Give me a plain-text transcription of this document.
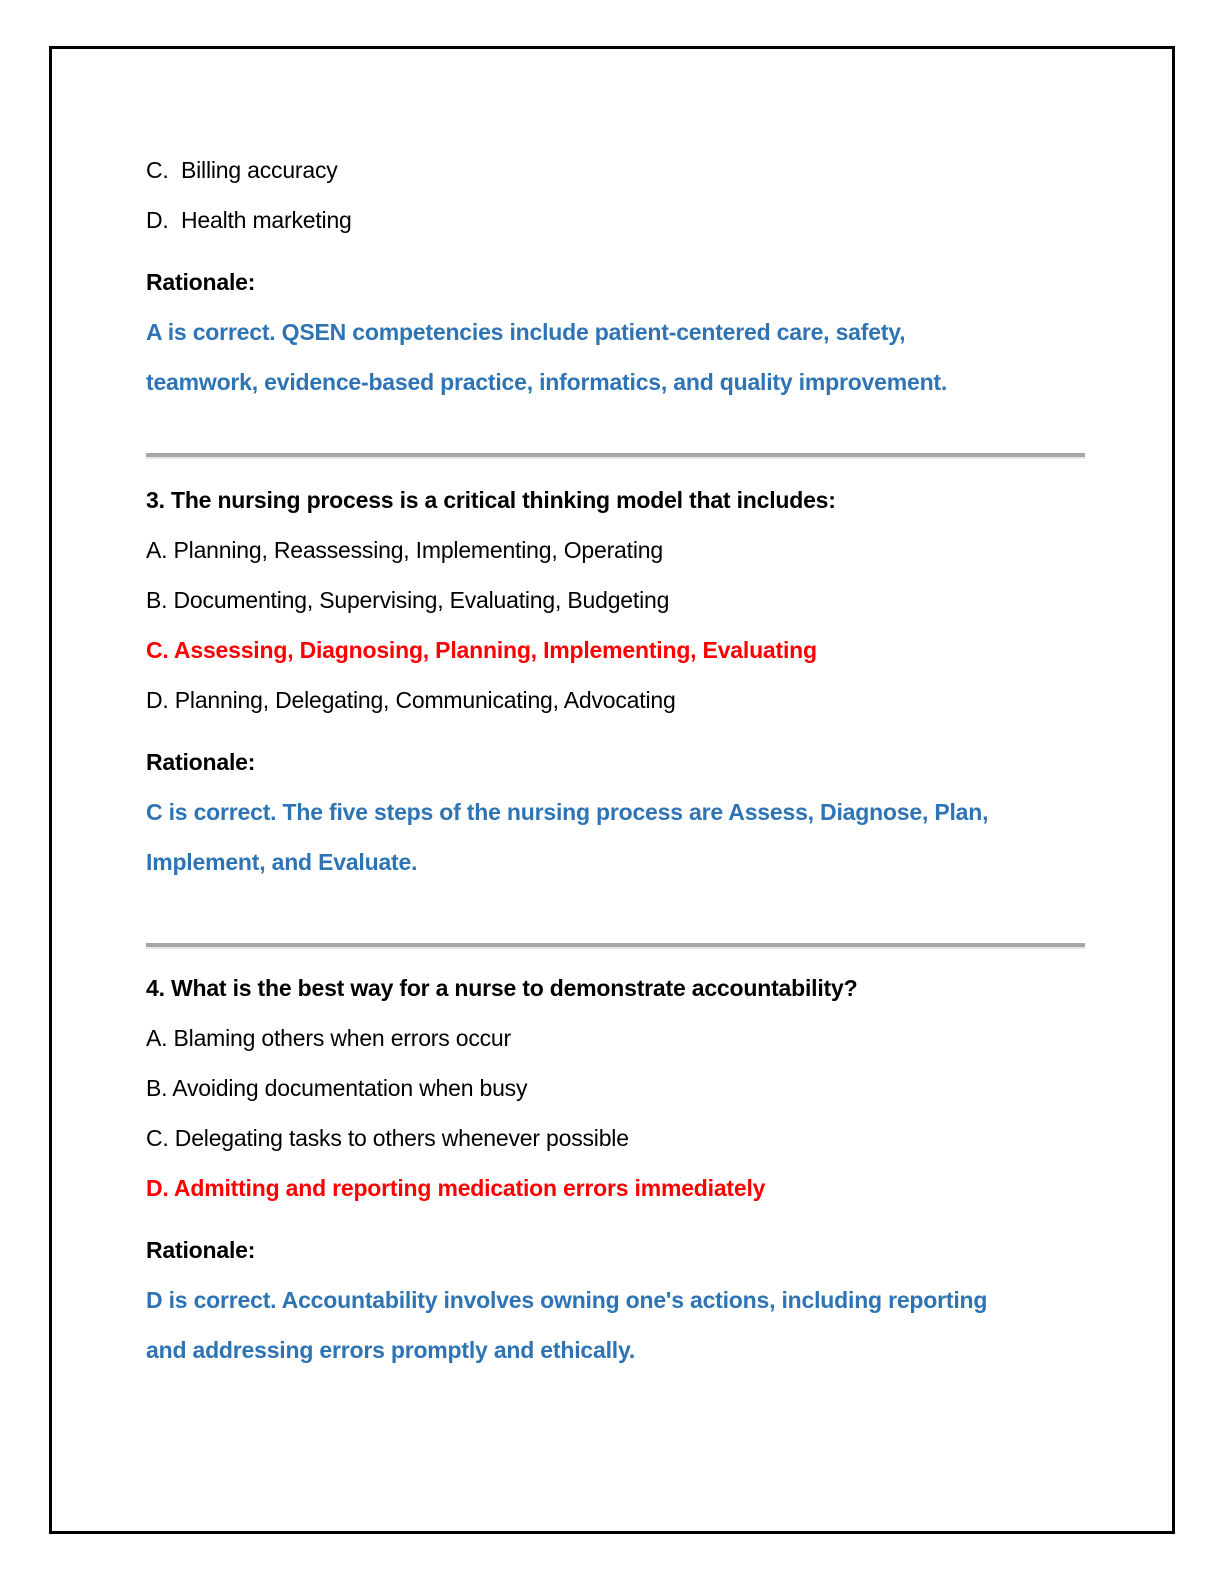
C.  Billing accuracy

D.  Health marketing

Rationale:

A is correct. QSEN competencies include patient-centered care, safety,

teamwork, evidence-based practice, informatics, and quality improvement.

3. The nursing process is a critical thinking model that includes:

A. Planning, Reassessing, Implementing, Operating

B. Documenting, Supervising, Evaluating, Budgeting

C. Assessing, Diagnosing, Planning, Implementing, Evaluating

D. Planning, Delegating, Communicating, Advocating

Rationale:

C is correct. The five steps of the nursing process are Assess, Diagnose, Plan,

Implement, and Evaluate.

4. What is the best way for a nurse to demonstrate accountability?

A. Blaming others when errors occur

B. Avoiding documentation when busy

C. Delegating tasks to others whenever possible

D. Admitting and reporting medication errors immediately

Rationale:

D is correct. Accountability involves owning one's actions, including reporting

and addressing errors promptly and ethically.
